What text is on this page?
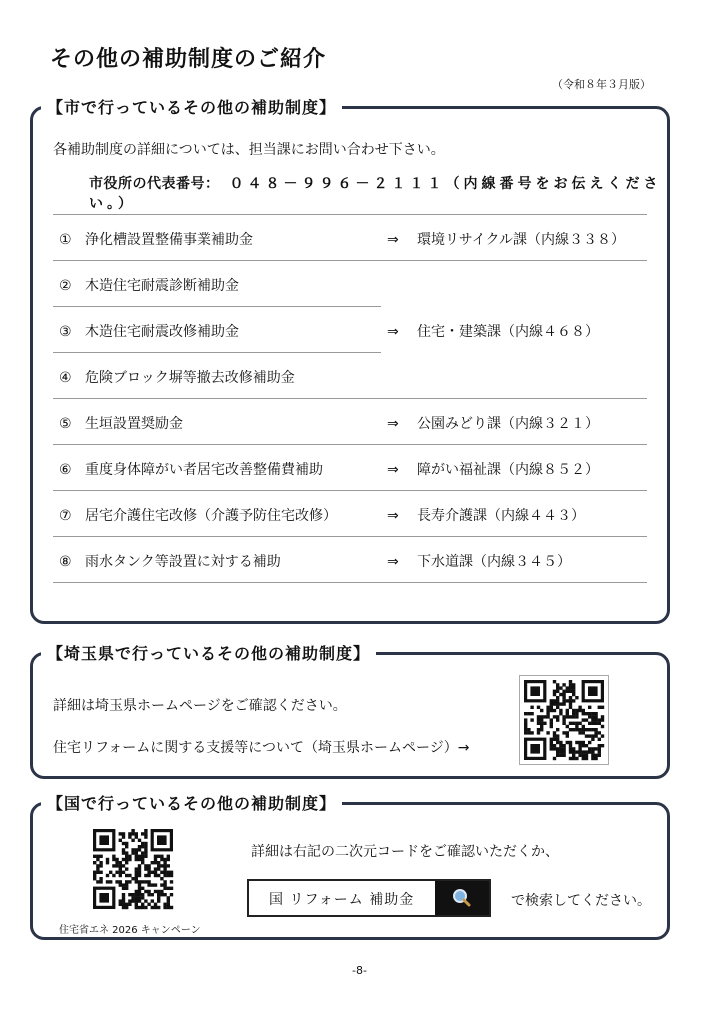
その他の補助制度のご紹介
（令和８年３月版）
【市で行っているその他の補助制度】
各補助制度の詳細については、担当課にお問い合わせ下さい。
市役所の代表番号： ０４８－９９６－２１１１（内線番号をお伝えください。）
① 浄化槽設置整備事業補助金
② 木造住宅耐震診断補助金
③ 木造住宅耐震改修補助金
④ 危険ブロック塀等撤去改修補助金
⑤ 生垣設置奨励金
⑥ 重度身体障がい者居宅改善整備費補助
⑦ 居宅介護住宅改修（介護予防住宅改修）
⑧ 雨水タンク等設置に対する補助
⇒ 環境リサイクル課（内線３３８）
⇒ 住宅・建築課（内線４６８）
⇒ 公園みどり課（内線３２１）
⇒ 障がい福祉課（内線８５２）
⇒ 長寿介護課（内線４４３）
⇒ 下水道課（内線３４５）
【埼玉県で行っているその他の補助制度】
詳細は埼玉県ホームページをご確認ください。
住宅リフォームに関する支援等について（埼玉県ホームページ）→
【国で行っているその他の補助制度】
住宅省エネ 2026 キャンペーン
詳細は右記の二次元コードをご確認いただくか、
国 リフォーム 補助金	で検索してください。
-8-
